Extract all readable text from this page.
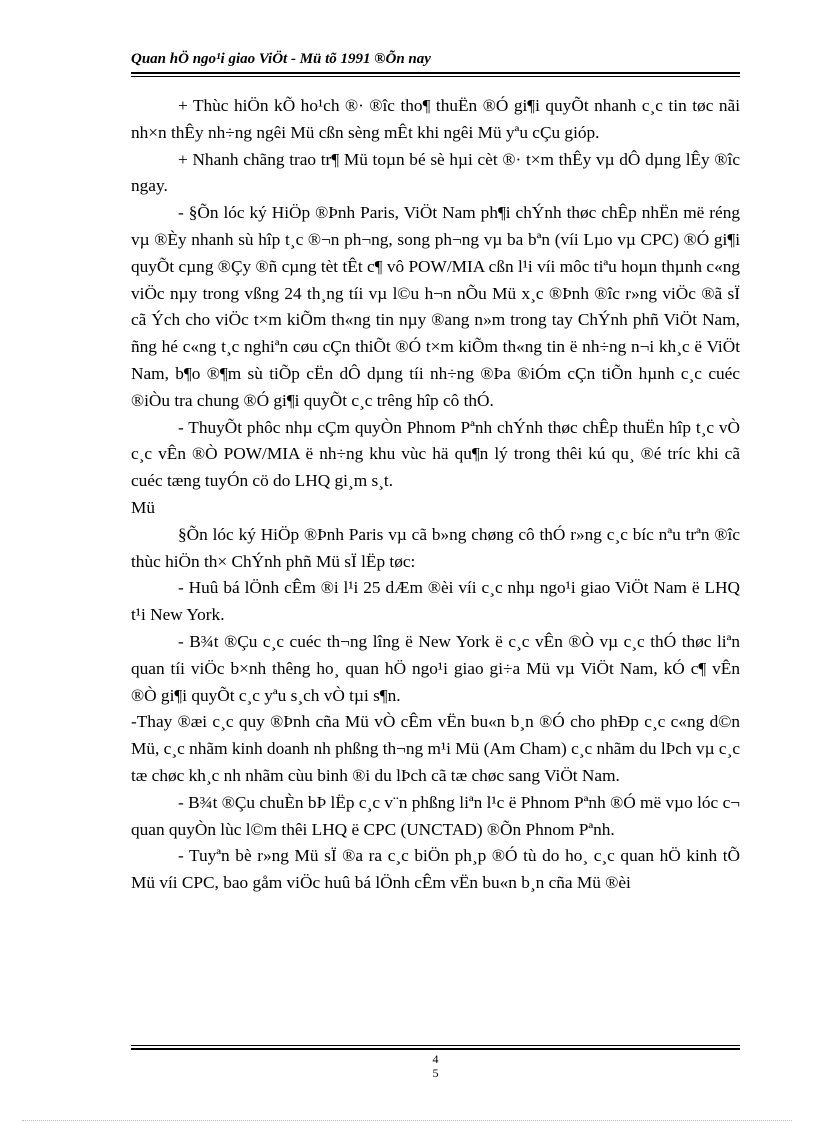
Quan hÖ ngo¹i giao ViÖt - Mü tõ 1991 ®Õn nay

+ Thùc hiÖn kÕ ho¹ch ®· ®îc tho¶ thuËn ®Ó gi¶i quyÕt nhanh c¸c tin tøc nãi nh×n thÊy nh÷ng ngêi Mü cßn sèng mÊt khi ngêi Mü yªu cÇu gióp.

+ Nhanh chãng trao tr¶ Mü toµn bé sè hµi cèt ®· t×m thÊy vµ dÔ dµng lÊy ®îc ngay.

- §Õn lóc ký HiÖp ®Þnh Paris, ViÖt Nam ph¶i chÝnh thøc chÊp nhËn më réng vµ ®Èy nhanh sù hîp t¸c ®¬n ph¬ng, song ph¬ng vµ ba bªn (víi Lµo vµ CPC) ®Ó gi¶i quyÕt cµng ®Çy ®ñ cµng tèt tÊt c¶ vô POW/MIA cßn l¹i víi môc tiªu hoµn thµnh c«ng viÖc nµy trong vßng 24 th¸ng tíi vµ l©u h¬n nÕu Mü x¸c ®Þnh ®îc r»ng viÖc ®ã sÏ cã Ých cho viÖc t×m kiÕm th«ng tin nµy ®ang n»m trong tay ChÝnh phñ ViÖt Nam, ñng hé c«ng t¸c nghiªn cøu cÇn thiÕt ®Ó t×m kiÕm th«ng tin ë nh÷ng n¬i kh¸c ë ViÖt Nam, b¶o ®¶m sù tiÕp cËn dÔ dµng tíi nh÷ng ®Þa ®iÓm cÇn tiÕn hµnh c¸c cuéc ®iÒu tra chung ®Ó gi¶i quyÕt c¸c trêng hîp cô thÓ.

- ThuyÕt phôc nhµ cÇm quyÒn Phnom Pªnh chÝnh thøc chÊp thuËn hîp t¸c vÒ c¸c vÊn ®Ò POW/MIA ë nh÷ng khu vùc hä qu¶n lý trong thêi kú qu¸ ®é tríc khi cã cuéc tæng tuyÓn cö do LHQ gi¸m s¸t.

Mü

§Õn lóc ký HiÖp ®Þnh Paris vµ cã b»ng chøng cô thÓ r»ng c¸c bíc nªu trªn ®îc thùc hiÖn th× ChÝnh phñ Mü sÏ lËp tøc:

- Huû bá lÖnh cÊm ®i l¹i 25 dÆm ®èi víi c¸c nhµ ngo¹i giao ViÖt Nam ë LHQ t¹i New York.

- B¾t ®Çu c¸c cuéc th¬ng lîng ë New York ë c¸c vÊn ®Ò vµ c¸c thÓ thøc liªn quan tíi viÖc b×nh thêng ho¸ quan hÖ ngo¹i giao gi÷a Mü vµ ViÖt Nam, kÓ c¶ vÊn ®Ò gi¶i quyÕt c¸c yªu s¸ch vÒ tµi s¶n.

-Thay ®æi c¸c quy ®Þnh cña Mü vÒ cÊm vËn bu«n b¸n ®Ó cho phÐp c¸c c«ng d©n Mü, c¸c nhãm kinh doanh nh phßng th¬ng m¹i Mü (Am Cham) c¸c nhãm du lÞch vµ c¸c tæ chøc kh¸c nh nhãm cùu binh ®i du lÞch cã tæ chøc sang ViÖt Nam.

- B¾t ®Çu chuÈn bÞ lËp c¸c v¨n phßng liªn l¹c ë Phnom Pªnh ®Ó më vµo lóc c¬ quan quyÒn lùc l©m thêi LHQ ë CPC (UNCTAD) ®Õn Phnom Pªnh.

- Tuyªn bè r»ng Mü sÏ ®a ra c¸c biÖn ph¸p ®Ó tù do ho¸ c¸c quan hÖ kinh tÕ Mü víi CPC, bao gåm viÖc huû bá lÖnh cÊm vËn bu«n b¸n cña Mü ®èi

4
5
